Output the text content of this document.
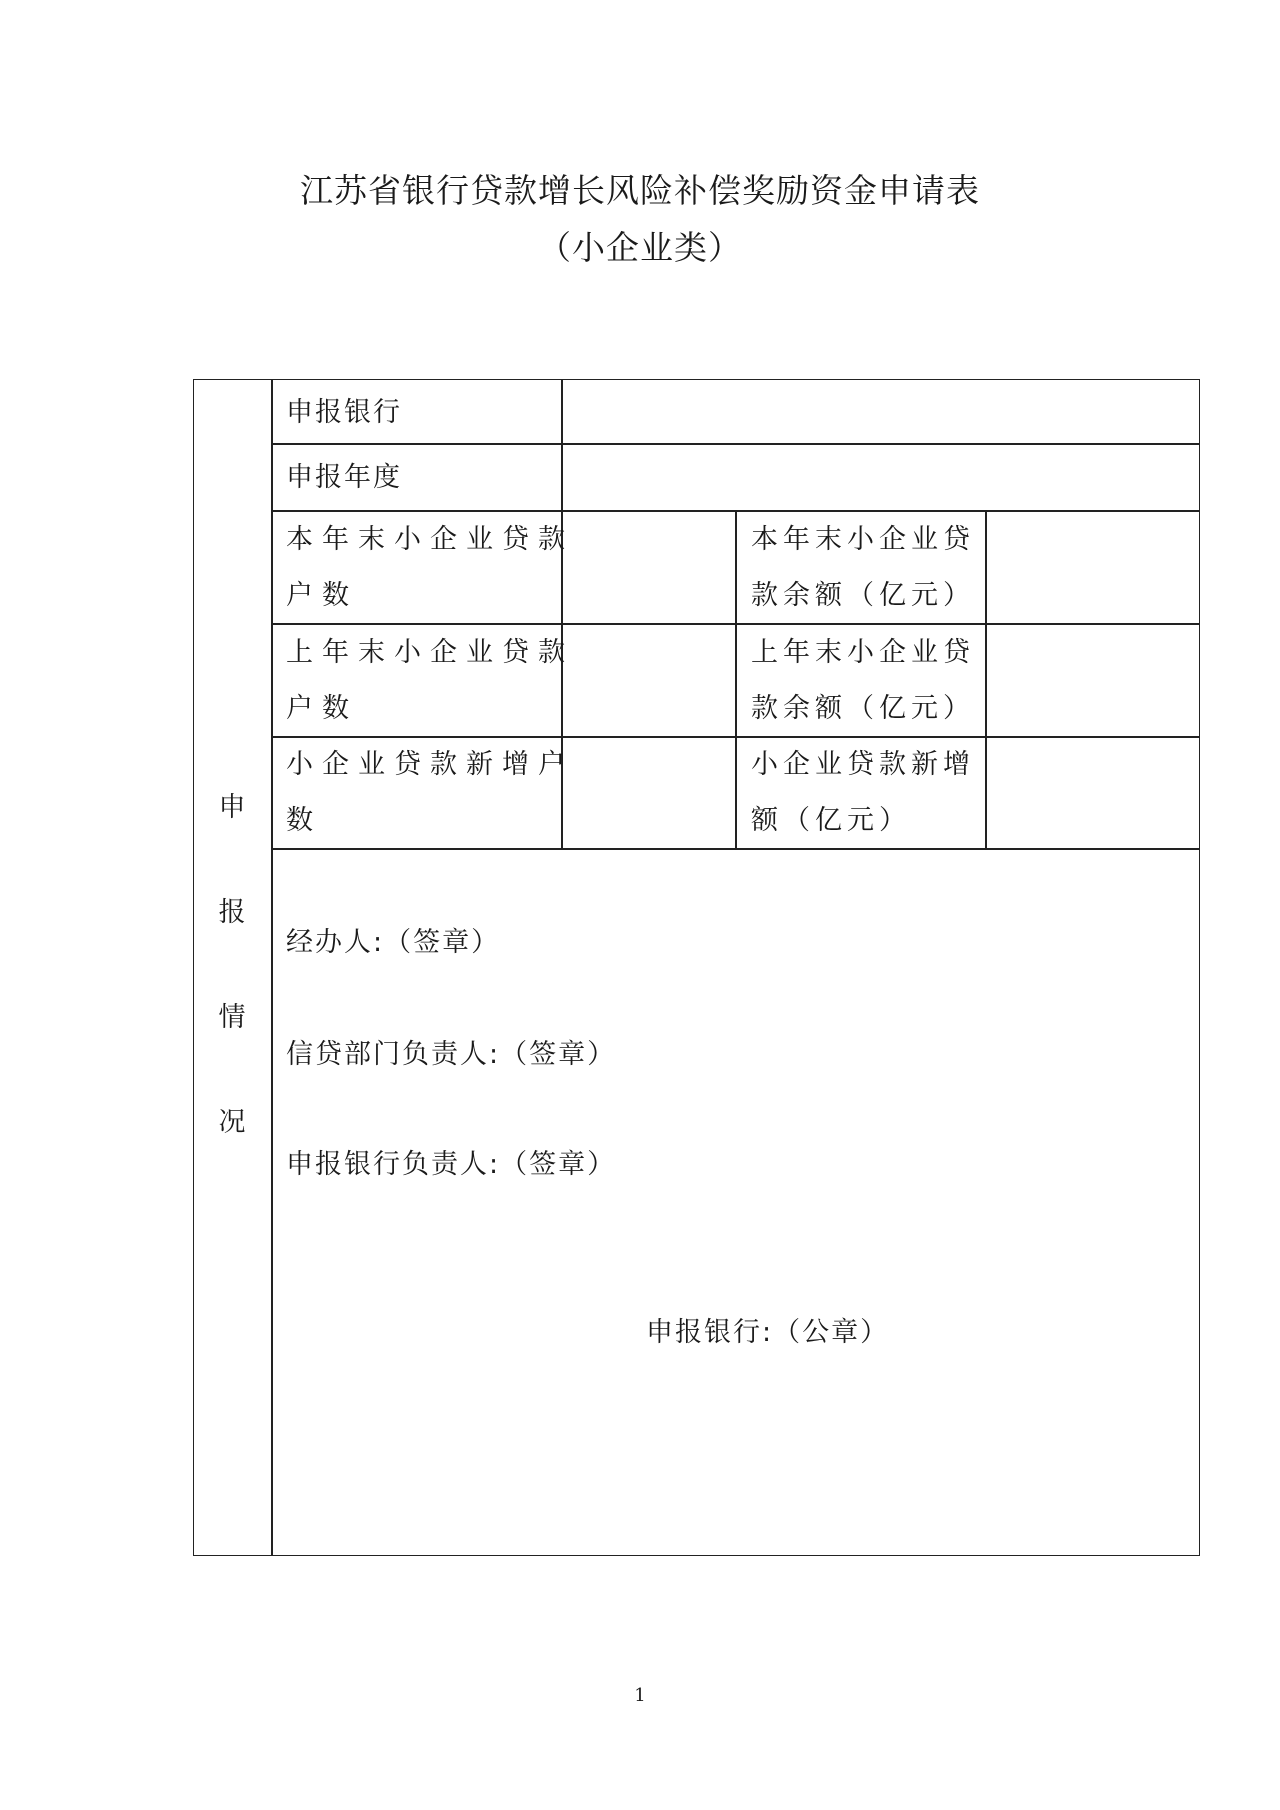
江苏省银行贷款增长风险补偿奖励资金申请表
（小企业类）
申
报
情
况
申报银行
申报年度
本年末小企业贷款
户数
本年末小企业贷
款余额（亿元）
上年末小企业贷款
户数
上年末小企业贷
款余额（亿元）
小企业贷款新增户
数
小企业贷款新增
额（亿元）
经办人:（签章）
信贷部门负责人:（签章）
申报银行负责人:（签章）
申报银行:（公章）
1
